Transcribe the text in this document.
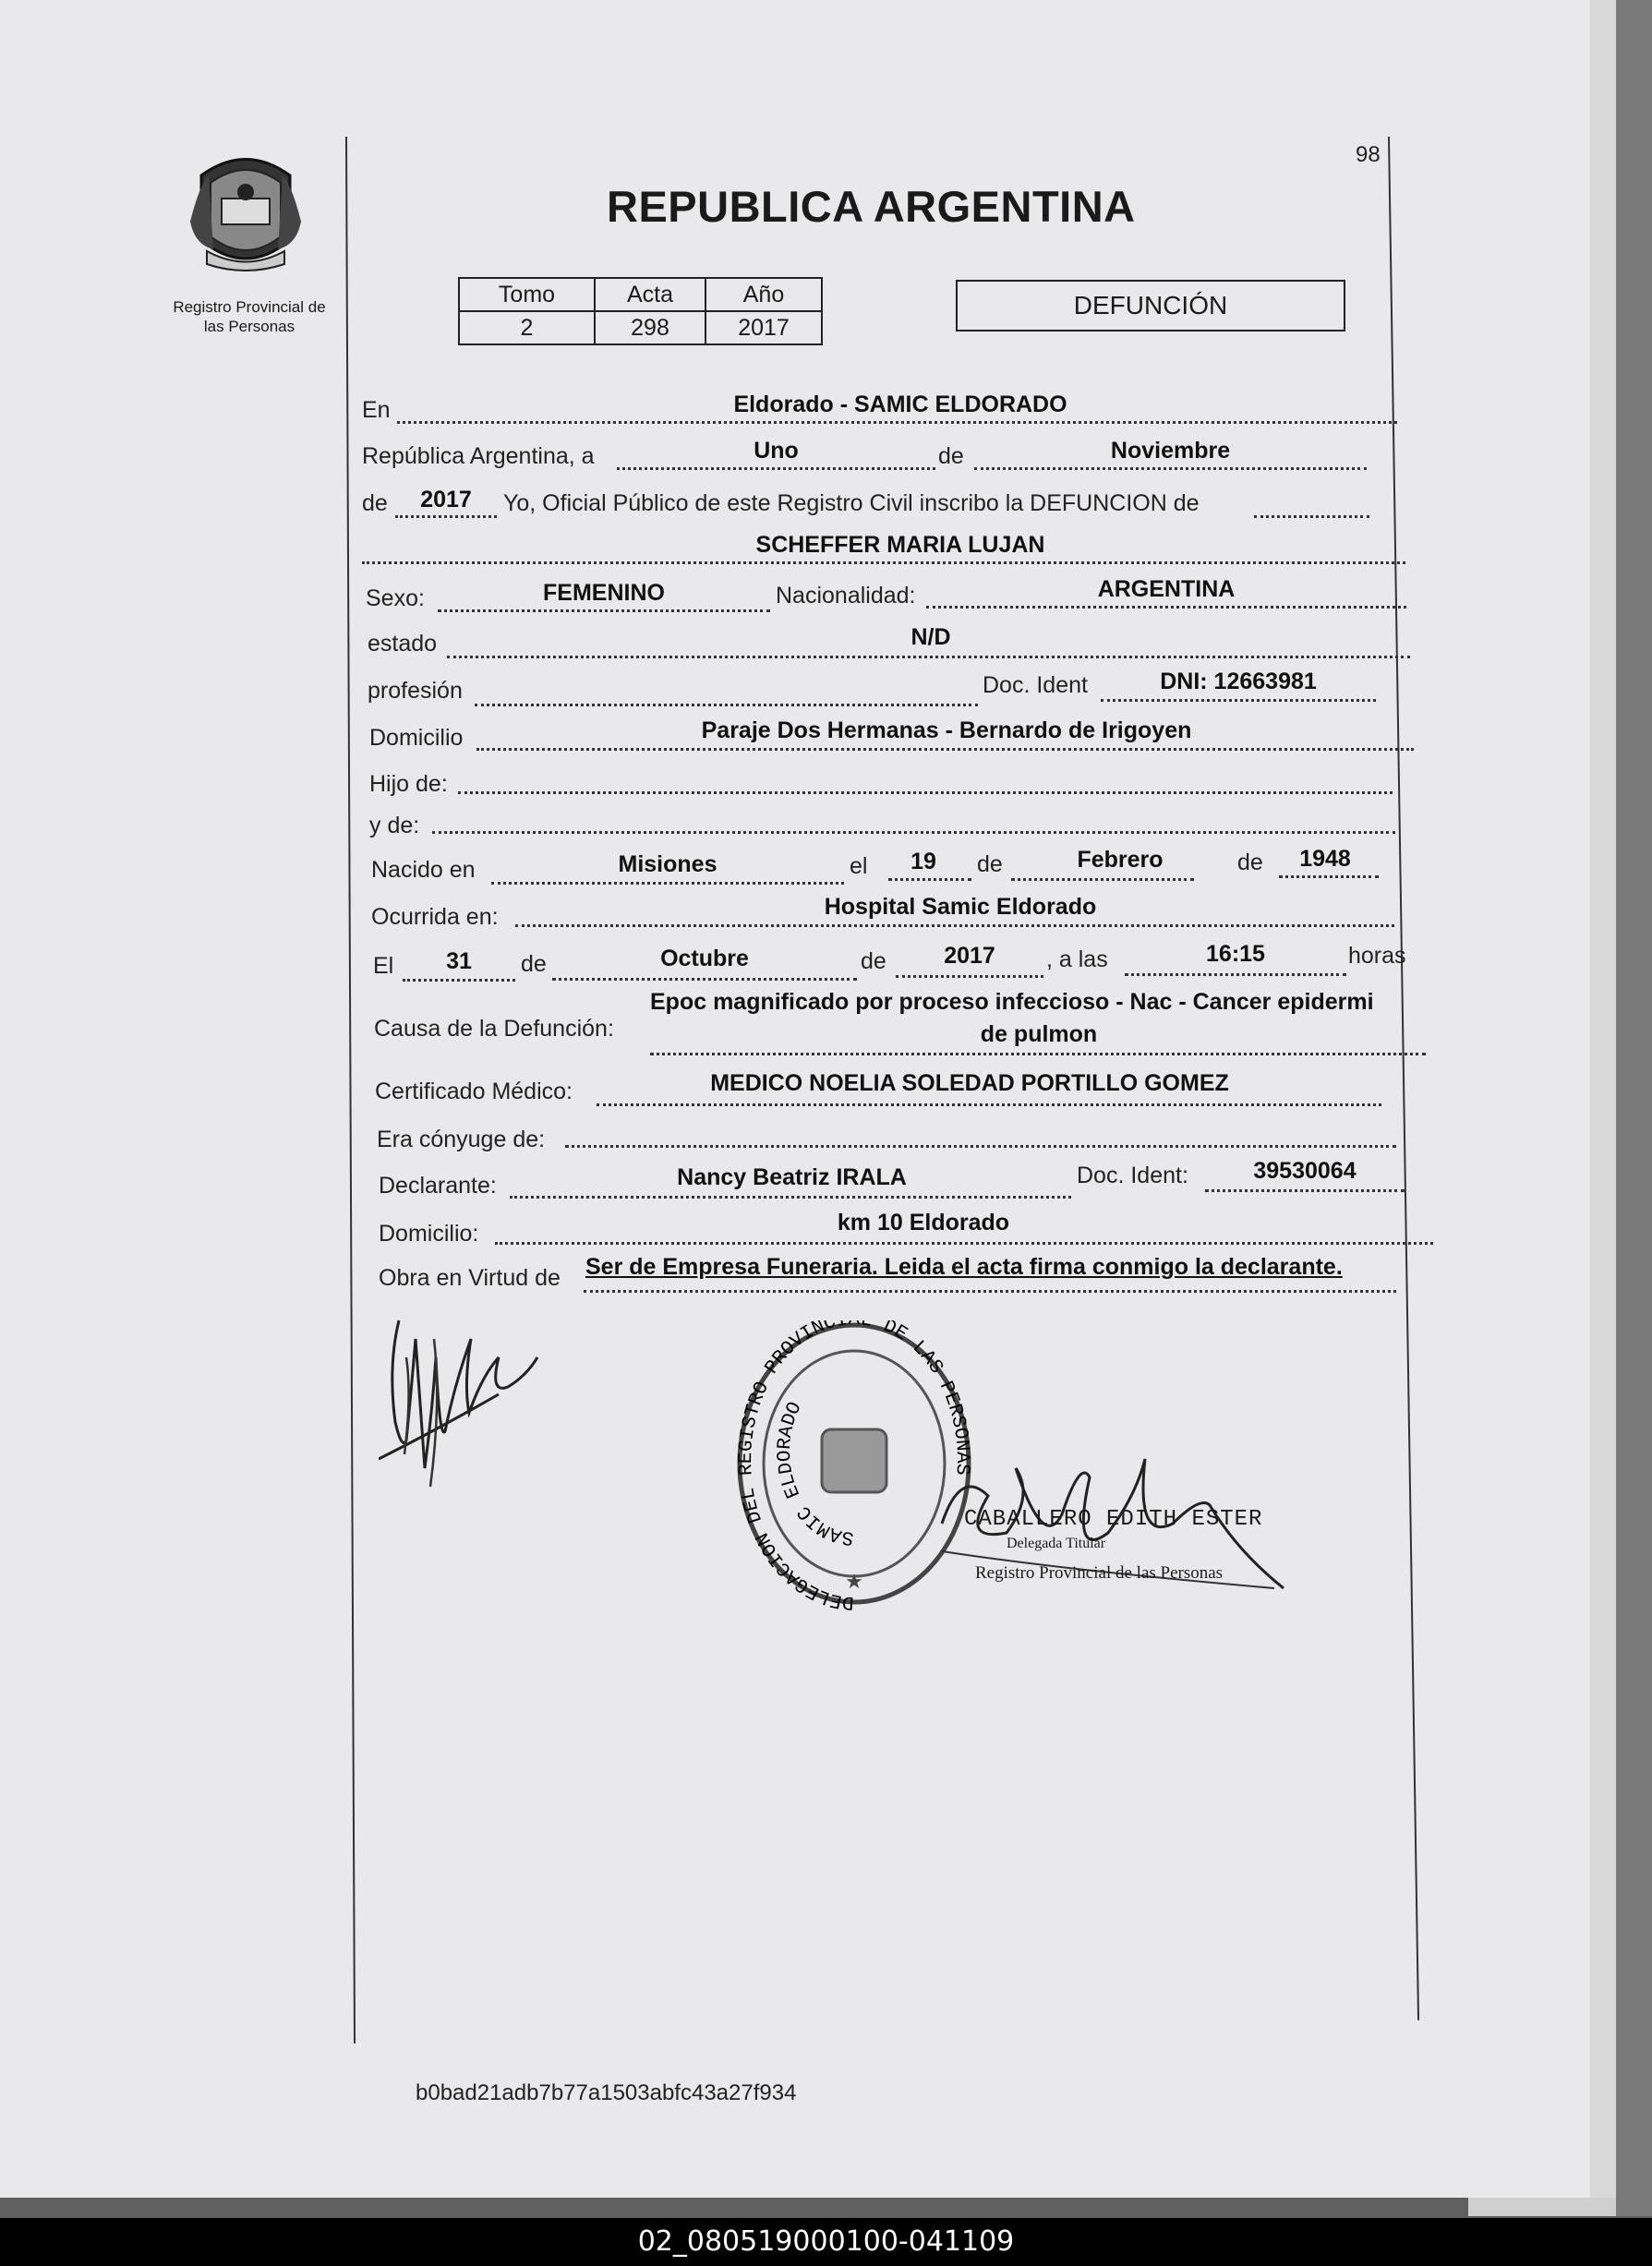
98
Registro Provincial de
las Personas
REPUBLICA ARGENTINA
Tomo	Acta	Año
2	298	2017
DEFUNCIÓN
En	Eldorado - SAMIC ELDORADO
República Argentina, a	Uno	de	Noviembre
de	2017	Yo, Oficial Público de este Registro Civil inscribo la DEFUNCION de
SCHEFFER MARIA LUJAN
Sexo:	FEMENINO	Nacionalidad:	ARGENTINA
estado	N/D
profesión	Doc. Ident	DNI: 12663981
Domicilio	Paraje Dos Hermanas - Bernardo de Irigoyen
Hijo de:
y de:
Nacido en	Misiones	el	19	de	Febrero	de	1948
Ocurrida en:	Hospital Samic Eldorado
El	31	de	Octubre	de	2017	, a las	16:15	horas
Causa de la Defunción:
Epoc magnificado por proceso infeccioso - Nac - Cancer epidermi
de pulmon
Certificado Médico:	MEDICO NOELIA SOLEDAD PORTILLO GOMEZ
Era cónyuge de:
Declarante:	Nancy Beatriz IRALA	Doc. Ident:	39530064
Domicilio:	km 10 Eldorado
Obra en Virtud de Ser de Empresa Funeraria. Leida el acta firma conmigo la declarante.
DELEGACION DEL REGISTRO PROVINCI L DE LAS PERSONAS
SAMIC ELDORADO
★
CABALLERO EDITH ESTER
Delegada Titular
Registro Provincial de las Personas
b0bad21adb7b77a1503abfc43a27f934
02_080519000100-041109
